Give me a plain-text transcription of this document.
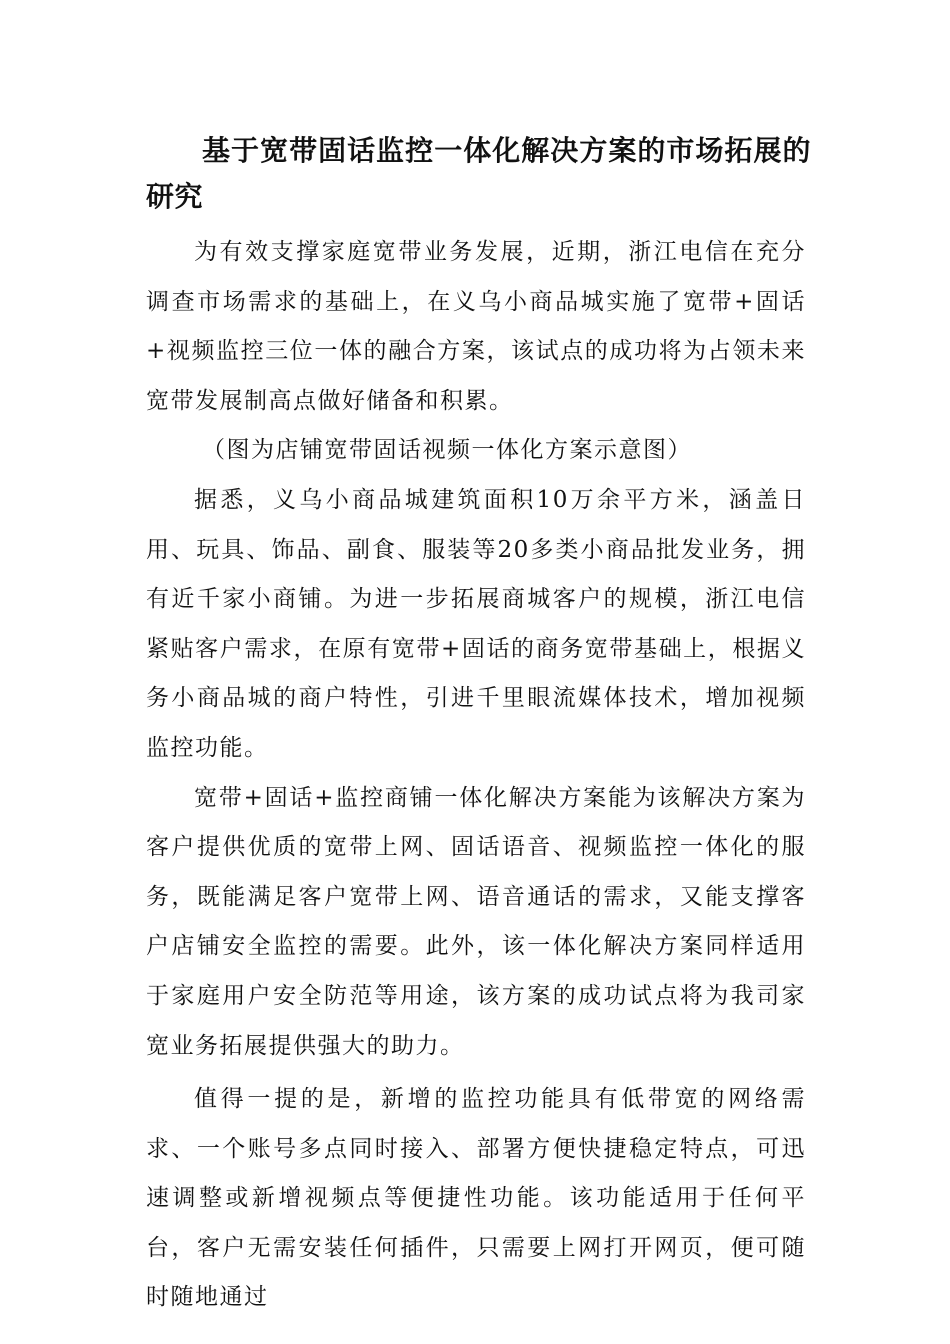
基于宽带固话监控一体化解决方案的市场拓展的研究

为有效支撑家庭宽带业务发展，近期，浙江电信在充分调查市场需求的基础上，在义乌小商品城实施了宽带+固话+视频监控三位一体的融合方案，该试点的成功将为占领未来宽带发展制高点做好储备和积累。

（图为店铺宽带固话视频一体化方案示意图）

据悉，义乌小商品城建筑面积10万余平方米，涵盖日用、玩具、饰品、副食、服装等20多类小商品批发业务，拥有近千家小商铺。为进一步拓展商城客户的规模，浙江电信紧贴客户需求，在原有宽带+固话的商务宽带基础上，根据义务小商品城的商户特性，引进千里眼流媒体技术，增加视频监控功能。

宽带+固话+监控商铺一体化解决方案能为该解决方案为客户提供优质的宽带上网、固话语音、视频监控一体化的服务，既能满足客户宽带上网、语音通话的需求，又能支撑客户店铺安全监控的需要。此外，该一体化解决方案同样适用于家庭用户安全防范等用途，该方案的成功试点将为我司家宽业务拓展提供强大的助力。

值得一提的是，新增的监控功能具有低带宽的网络需求、一个账号多点同时接入、部署方便快捷稳定特点，可迅速调整或新增视频点等便捷性功能。该功能适用于任何平台，客户无需安装任何插件，只需要上网打开网页，便可随时随地通过
